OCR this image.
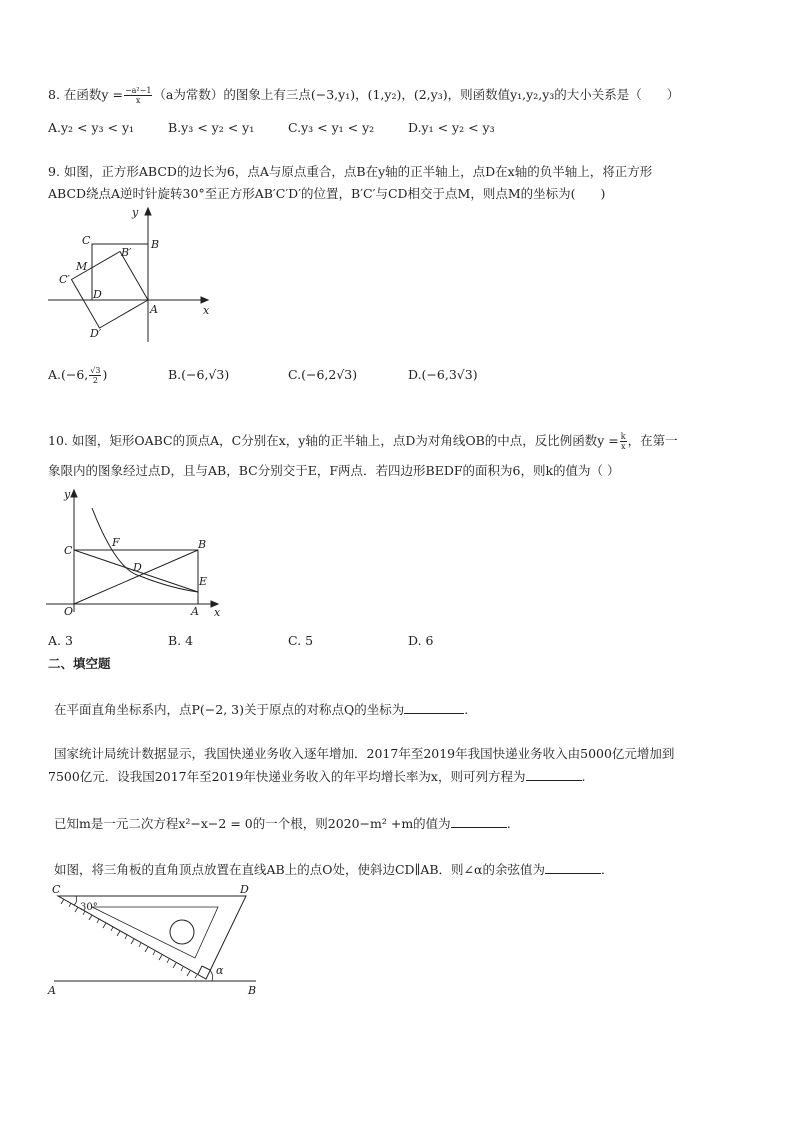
8. 在函数$y = \frac{\text{−a²−1}}{x} (a$为常数）的图象上有三点(−3,y₁)，(1,y₂)，(2,y₃)，则函数值y₁,y₂,y₃的大小关系是（　　）
A.y₂ < y₃ < y₁	B.y₃ < y₂ < y₁	C.y₃ < y₁ < y₂	D.y₁ < y₂ < y₃
9. 如图，正方形ABCD的边长为6，点A与原点重合，点B在y轴的正半轴上，点D在x轴的负半轴上，将正方形
ABCD绕点A逆时针旋转30°至正方形AB′C′D′的位置，B′C′与CD相交于点M，则点M的坐标为(　　)
y
x
C	B
B′
M
C′
D
A
D′
A.(−6, $\frac{√3}{2}$ )	B.(−6,√3)	C.(−6,2√3)	D.(−6,3√3)
10. 如图，矩形OABC的顶点A，C分别在x，y轴的正半轴上，点D为对角线OB的中点，反比例函数$y = \frac{k}{x}$ ，在第一
象限内的图象经过点D，且与AB，BC分别交于E，F两点．若四边形BEDF的面积为6，则k的值为（ ）
y
x
C
F	B
D
E
O	A
A. 3	B. 4	C. 5	D. 6
二、填空题
在平面直角坐标系内，点P(−2, 3)关于原点的对称点Q的坐标为	.
国家统计局统计数据显示，我国快递业务收入逐年增加．2017年至2019年我国快递业务收入由5000亿元增加到
7500亿元．设我国2017年至2019年快递业务收入的年平均增长率为x，则可列方程为	.
已知m是一元二次方程x²−x−2 = 0的一个根，则2020−m² +m的值为	.
如图，将三角板的直角顶点放置在直线AB上的点O处，使斜边CD∥AB．则∠α的余弦值为	．
C	D
A	B
30°
α
